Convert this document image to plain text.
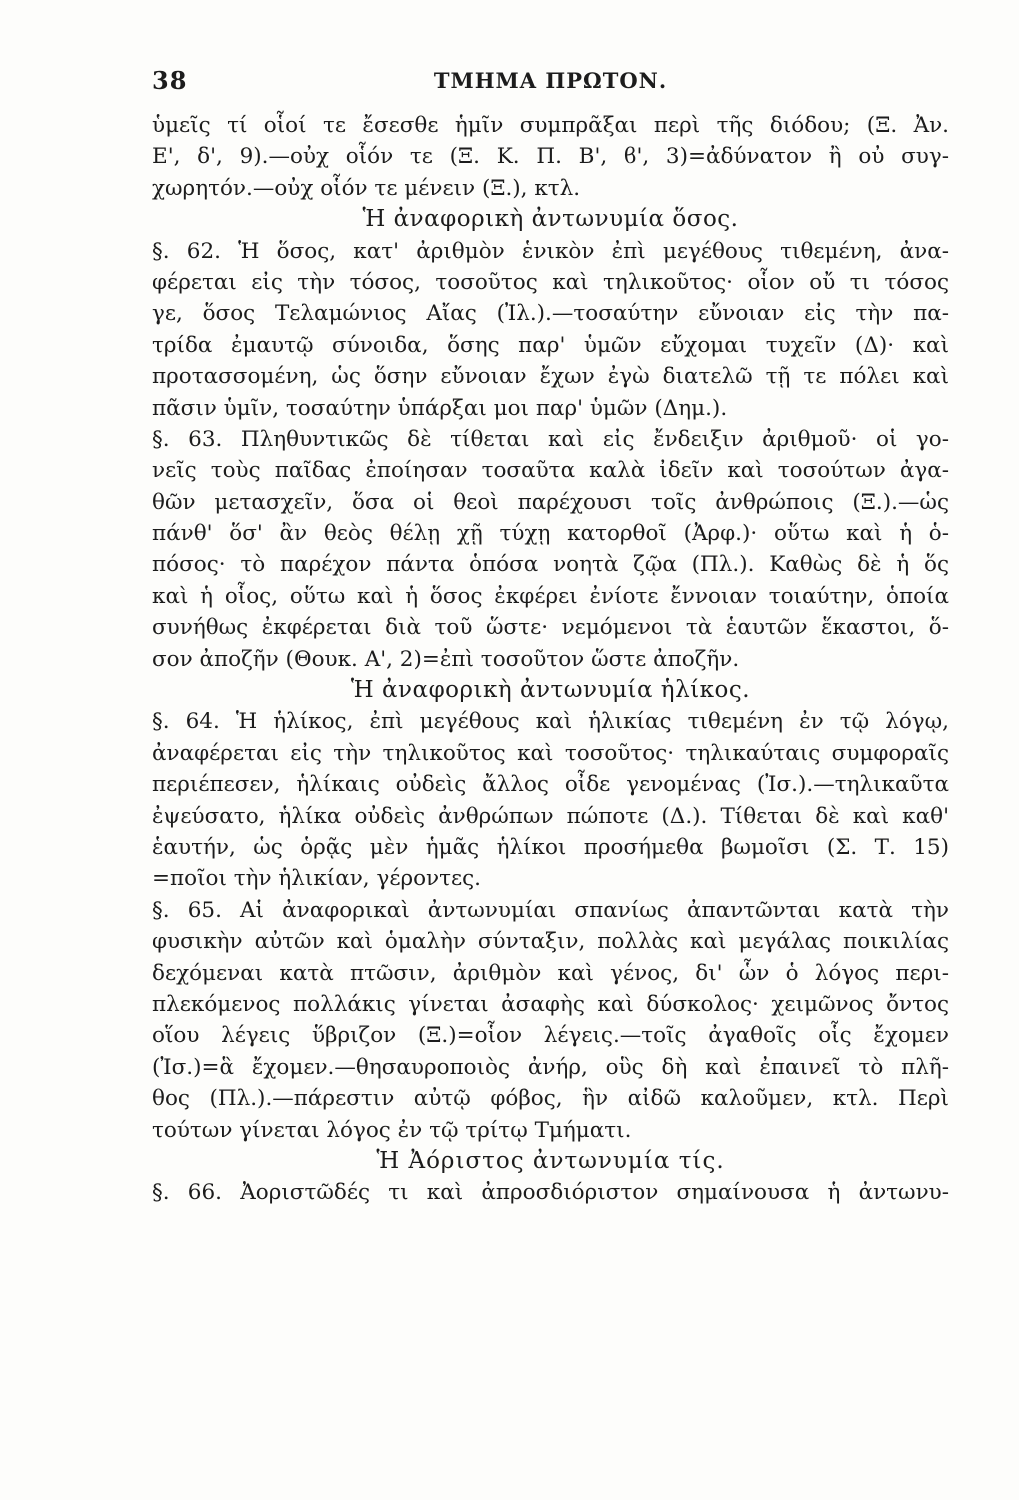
38	ΤΜΗΜΑ ΠΡΩΤΟΝ.
ὑμεῖς τί οἷοί τε ἔσεσθε ἡμῖν συμπρᾶξαι περὶ τῆς διόδου; (Ξ. Ἀν.
Ε', δ', 9).—οὐχ οἷόν τε (Ξ. Κ. Π. Β', ϐ', 3)=ἀδύνατον ἢ οὐ συγ-
χωρητόν.—οὐχ οἷόν τε μένειν (Ξ.), κτλ.
Ἡ ἀναφορικὴ ἀντωνυμία ὅσος.
§. 62. Ἡ ὅσος, κατ' ἀριθμὸν ἑνικὸν ἐπὶ μεγέθους τιθεμένη, ἀνα-
φέρεται εἰς τὴν τόσος, τοσοῦτος καὶ τηλικοῦτος· οἷον οὔ τι τόσος
γε, ὅσος Τελαμώνιος Αἴας (Ἰλ.).—τοσαύτην εὔνοιαν εἰς τὴν πα-
τρίδα ἐμαυτῷ σύνοιδα, ὅσης παρ' ὑμῶν εὔχομαι τυχεῖν (Δ)· καὶ
προτασσομένη, ὡς ὅσην εὔνοιαν ἔχων ἐγὼ διατελῶ τῇ τε πόλει καὶ
πᾶσιν ὑμῖν, τοσαύτην ὑπάρξαι μοι παρ' ὑμῶν (Δημ.).
§. 63. Πληθυντικῶς δὲ τίθεται καὶ εἰς ἔνδειξιν ἀριθμοῦ· οἱ γο-
νεῖς τοὺς παῖδας ἐποίησαν τοσαῦτα καλὰ ἰδεῖν καὶ τοσούτων ἀγα-
θῶν μετασχεῖν, ὅσα οἱ θεοὶ παρέχουσι τοῖς ἀνθρώποις (Ξ.).—ὡς
πάνθ' ὅσ' ἂν θεὸς θέλῃ χῇ τύχῃ κατορθοῖ (Ἀρφ.)· οὕτω καὶ ἡ ὁ-
πόσος· τὸ παρέχον πάντα ὁπόσα νοητὰ ζῷα (Πλ.). Καθὼς δὲ ἡ ὅς
καὶ ἡ οἷος, οὕτω καὶ ἡ ὅσος ἐκφέρει ἐνίοτε ἔννοιαν τοιαύτην, ὁποία
συνήθως ἐκφέρεται διὰ τοῦ ὥστε· νεμόμενοι τὰ ἑαυτῶν ἕκαστοι, ὅ-
σον ἀποζῆν (Θουκ. Α', 2)=ἐπὶ τοσοῦτον ὥστε ἀποζῆν.
Ἡ ἀναφορικὴ ἀντωνυμία ἡλίκος.
§. 64. Ἡ ἡλίκος, ἐπὶ μεγέθους καὶ ἡλικίας τιθεμένη ἐν τῷ λόγῳ,
ἀναφέρεται εἰς τὴν τηλικοῦτος καὶ τοσοῦτος· τηλικαύταις συμφοραῖς
περιέπεσεν, ἡλίκαις οὐδεὶς ἄλλος οἶδε γενομένας (Ἰσ.).—τηλικαῦτα
ἐψεύσατο, ἡλίκα οὐδεὶς ἀνθρώπων πώποτε (Δ.). Τίθεται δὲ καὶ καθ'
ἑαυτήν, ὡς ὁρᾷς μὲν ἡμᾶς ἡλίκοι προσήμεθα βωμοῖσι (Σ. Τ. 15)
=ποῖοι τὴν ἡλικίαν, γέροντες.
§. 65. Αἱ ἀναφορικαὶ ἀντωνυμίαι σπανίως ἀπαντῶνται κατὰ τὴν
φυσικὴν αὐτῶν καὶ ὁμαλὴν σύνταξιν, πολλὰς καὶ μεγάλας ποικιλίας
δεχόμεναι κατὰ πτῶσιν, ἀριθμὸν καὶ γένος, δι' ὧν ὁ λόγος περι-
πλεκόμενος πολλάκις γίνεται ἀσαφὴς καὶ δύσκολος· χειμῶνος ὄντος
οἵου λέγεις ὕβριζον (Ξ.)=οἷον λέγεις.—τοῖς ἀγαθοῖς οἷς ἔχομεν
(Ἰσ.)=ἃ ἔχομεν.—θησαυροποιὸς ἀνήρ, οὓς δὴ καὶ ἐπαινεῖ τὸ πλῆ-
θος (Πλ.).—πάρεστιν αὐτῷ φόβος, ἣν αἰδῶ καλοῦμεν, κτλ. Περὶ
τούτων γίνεται λόγος ἐν τῷ τρίτῳ Τμήματι.
Ἡ Ἀόριστος ἀντωνυμία τίς.
§. 66. Ἀοριστῶδές τι καὶ ἀπροσδιόριστον σημαίνουσα ἡ ἀντωνυ-
